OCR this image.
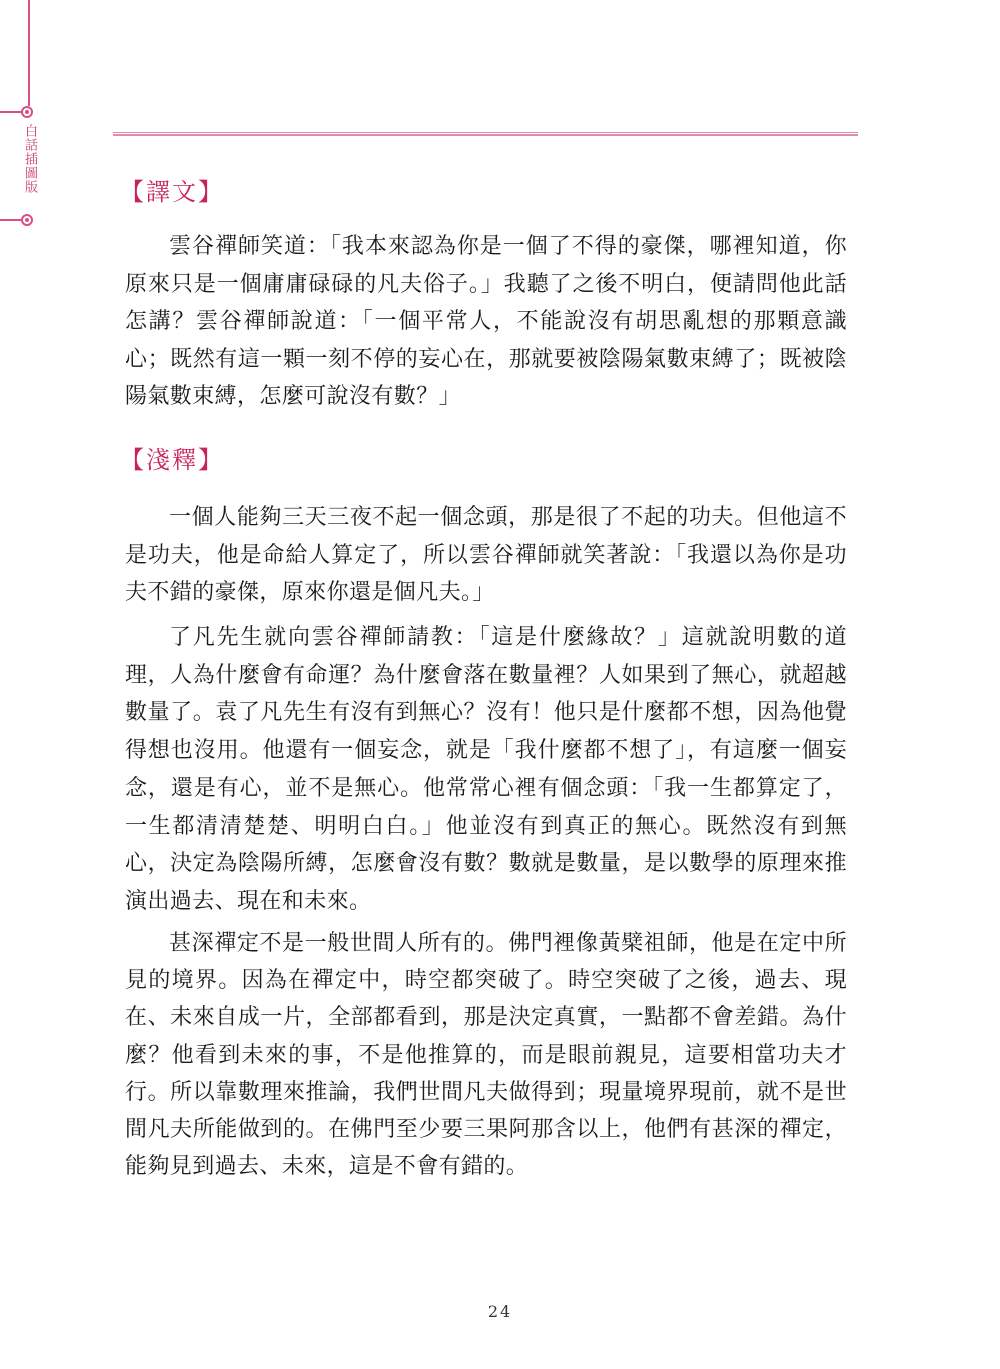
白話插圖版	【譯文】

雲谷禪師笑道：「我本來認為你是一個了不得的豪傑，哪裡知道，你原來只是一個庸庸碌碌的凡夫俗子。」我聽了之後不明白，便請問他此話怎講？雲谷禪師說道：「一個平常人，不能說沒有胡思亂想的那顆意識心；既然有這一顆一刻不停的妄心在，那就要被陰陽氣數束縛了；既被陰陽氣數束縛，怎麼可說沒有數？」

【淺釋】

一個人能夠三天三夜不起一個念頭，那是很了不起的功夫。但他這不是功夫，他是命給人算定了，所以雲谷禪師就笑著說：「我還以為你是功夫不錯的豪傑，原來你還是個凡夫。」

了凡先生就向雲谷禪師請教：「這是什麼緣故？」這就說明數的道理，人為什麼會有命運？為什麼會落在數量裡？人如果到了無心，就超越數量了。袁了凡先生有沒有到無心？沒有！他只是什麼都不想，因為他覺得想也沒用。他還有一個妄念，就是「我什麼都不想了」，有這麼一個妄念，還是有心，並不是無心。他常常心裡有個念頭：「我一生都算定了，一生都清清楚楚、明明白白。」他並沒有到真正的無心。既然沒有到無心，決定為陰陽所縛，怎麼會沒有數？數就是數量，是以數學的原理來推演出過去、現在和未來。

甚深禪定不是一般世間人所有的。佛門裡像黃檗祖師，他是在定中所見的境界。因為在禪定中，時空都突破了。時空突破了之後，過去、現在、未來自成一片，全部都看到，那是決定真實，一點都不會差錯。為什麼？他看到未來的事，不是他推算的，而是眼前親見，這要相當功夫才行。所以靠數理來推論，我們世間凡夫做得到；現量境界現前，就不是世間凡夫所能做到的。在佛門至少要三果阿那含以上，他們有甚深的禪定，能夠見到過去、未來，這是不會有錯的。

24
